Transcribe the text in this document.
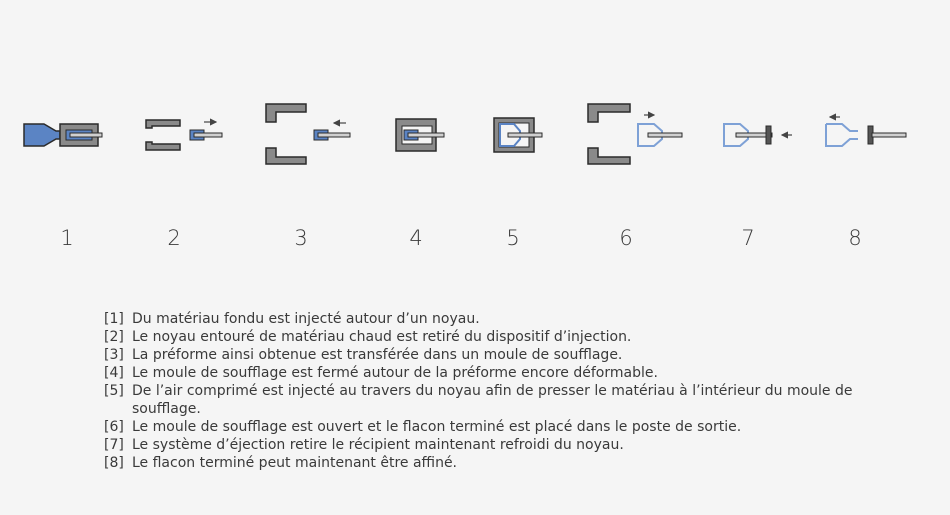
1	2	3	4	5	6	7	8
[1] Du matériau fondu est injecté autour d’un noyau.
[2] Le noyau entouré de matériau chaud est retiré du dispositif d’injection.
[3] La préforme ainsi obtenue est transférée dans un moule de soufflage.
[4] Le moule de soufflage est fermé autour de la préforme encore déformable.
[5] De l’air comprimé est injecté au travers du noyau afin de presser le matériau à l’intérieur du moule de soufflage.
[6] Le moule de soufflage est ouvert et le flacon terminé est placé dans le poste de sortie.
[7] Le système d’éjection retire le récipient maintenant refroidi du noyau.
[8] Le flacon terminé peut maintenant être affiné.
